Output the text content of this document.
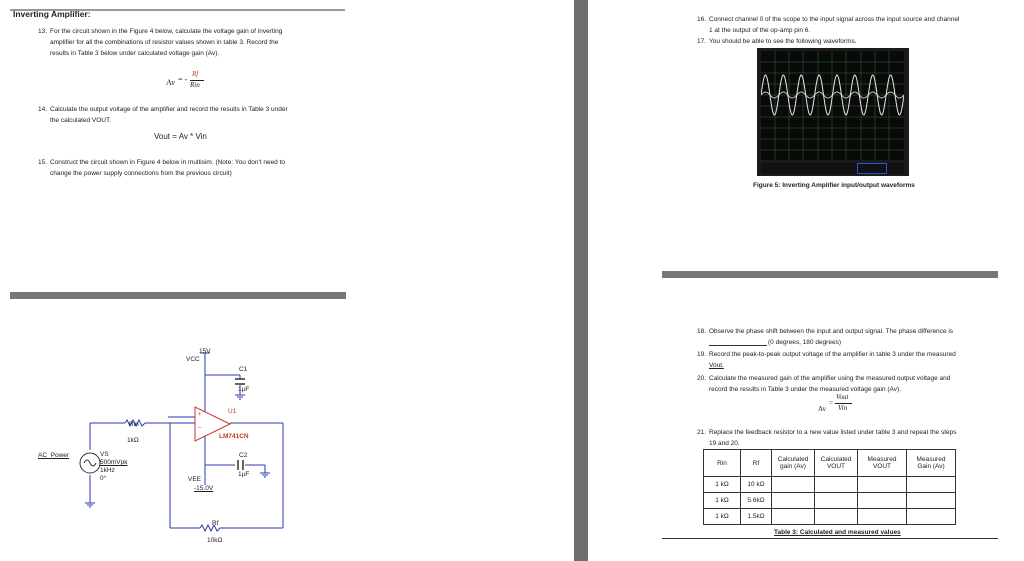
Inverting Amplifier:
13. For the circuit shown in the Figure 4 below, calculate the voltage gain of inverting
amplifier for all the combinations of resistor values shown in table 3. Record the
results in Table 3 below under calculated voltage gain (Av).
Av = -
Rf
Rin
14. Calculate the output voltage of the amplifier and record the results in Table 3 under
the calculated VOUT.
Vout = Av * Vin
15. Construct the circuit shown in Figure 4 below in multisim. (Note: You don't need to
change the power supply connections from the previous circuit)
–
+
15V
VCC
C1
1µF
U1
LM741CN
Rin
1kΩ
C2
1µF
AC_Power	VS
500mVpk
1kHz
0°	VEE
-15.0V
Rf
10kΩ
16. Connect channel 0 of the scope to the input signal across the input source and channel
1 at the output of the op-amp pin 6.
17. You should be able to see the following waveforms.
Figure 5: Inverting Amplifier input/output waveforms
18. Observe the phase shift between the input and output signal. The phase difference is
(0 degrees, 180 degrees)
19. Record the peak-to-peak output voltage of the amplifier in table 3 under the measured
Vout.
20. Calculate the measured gain of the amplifier using the measured output voltage and
record the results in Table 3 under the measured voltage gain (Av).
Av
=
Vout
Vin
21. Replace the feedback resistor to a new value listed under table 3 and repeat the steps
19 and 20.
Rin	Rf	Calculated gain (Av)	Calculated VOUT	Measured VOUT	Measured Gain (Av)
1 kΩ	10 kΩ				
1 kΩ	5.6kΩ				
1 kΩ	1.5kΩ				
Table 3: Calculated and measured values
